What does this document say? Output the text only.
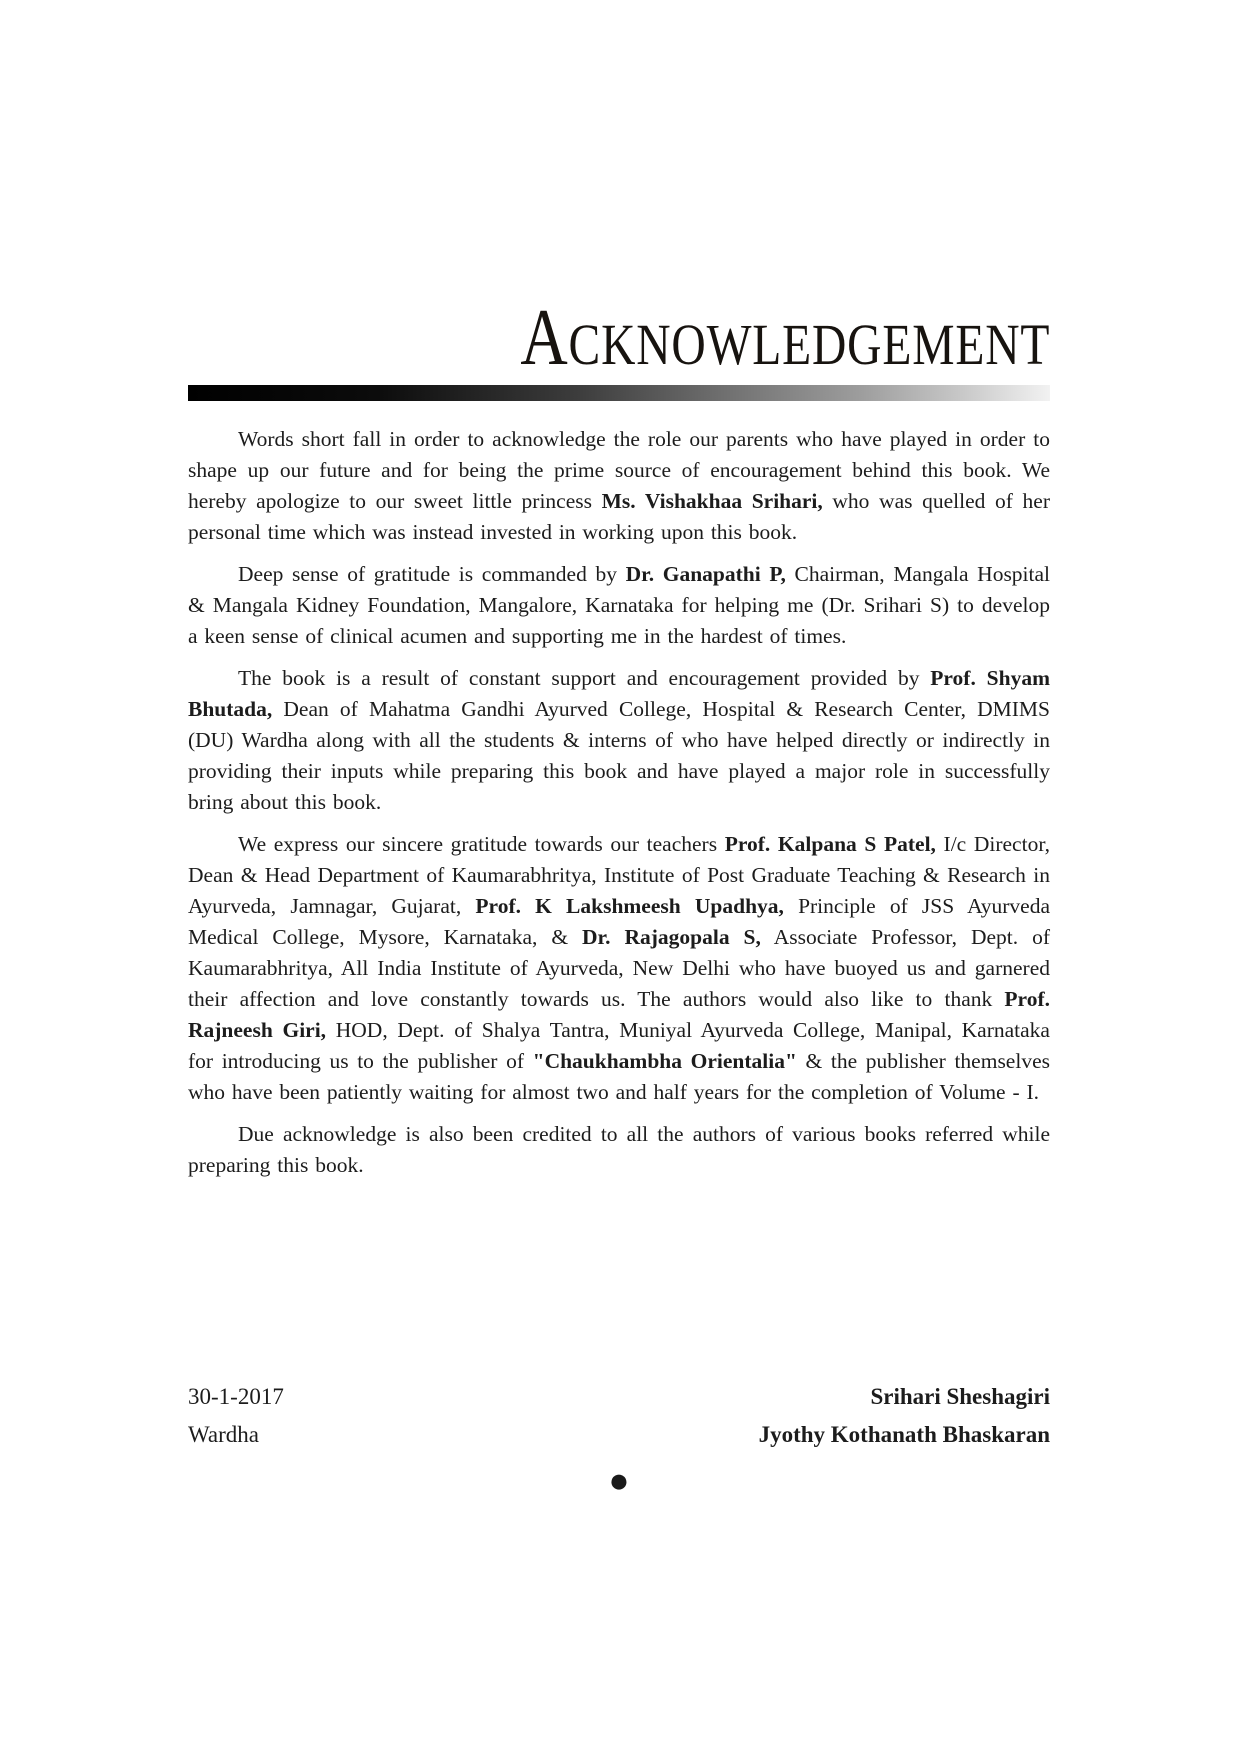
ACKNOWLEDGEMENT

Words short fall in order to acknowledge the role our parents who have played in order to shape up our future and for being the prime source of encouragement behind this book. We hereby apologize to our sweet little princess Ms. Vishakhaa Srihari, who was quelled of her personal time which was instead invested in working upon this book.

Deep sense of gratitude is commanded by Dr. Ganapathi P, Chairman, Mangala Hospital & Mangala Kidney Foundation, Mangalore, Karnataka for helping me (Dr. Srihari S) to develop a keen sense of clinical acumen and supporting me in the hardest of times.

The book is a result of constant support and encouragement provided by Prof. Shyam Bhutada, Dean of Mahatma Gandhi Ayurved College, Hospital & Research Center, DMIMS (DU) Wardha along with all the students & interns of who have helped directly or indirectly in providing their inputs while preparing this book and have played a major role in successfully bring about this book.

We express our sincere gratitude towards our teachers Prof. Kalpana S Patel, I/c Director, Dean & Head Department of Kaumarabhritya, Institute of Post Graduate Teaching & Research in Ayurveda, Jamnagar, Gujarat, Prof. K Lakshmeesh Upadhya, Principle of JSS Ayurveda Medical College, Mysore, Karnataka, & Dr. Rajagopala S, Associate Professor, Dept. of Kaumarabhritya, All India Institute of Ayurveda, New Delhi who have buoyed us and garnered their affection and love constantly towards us. The authors would also like to thank Prof. Rajneesh Giri, HOD, Dept. of Shalya Tantra, Muniyal Ayurveda College, Manipal, Karnataka for introducing us to the publisher of "Chaukhambha Orientalia" & the publisher themselves who have been patiently waiting for almost two and half years for the completion of Volume - I.

Due acknowledge is also been credited to all the authors of various books referred while preparing this book.

30-1-2017	Srihari Sheshagiri
Wardha	Jyothy Kothanath Bhaskaran
●
